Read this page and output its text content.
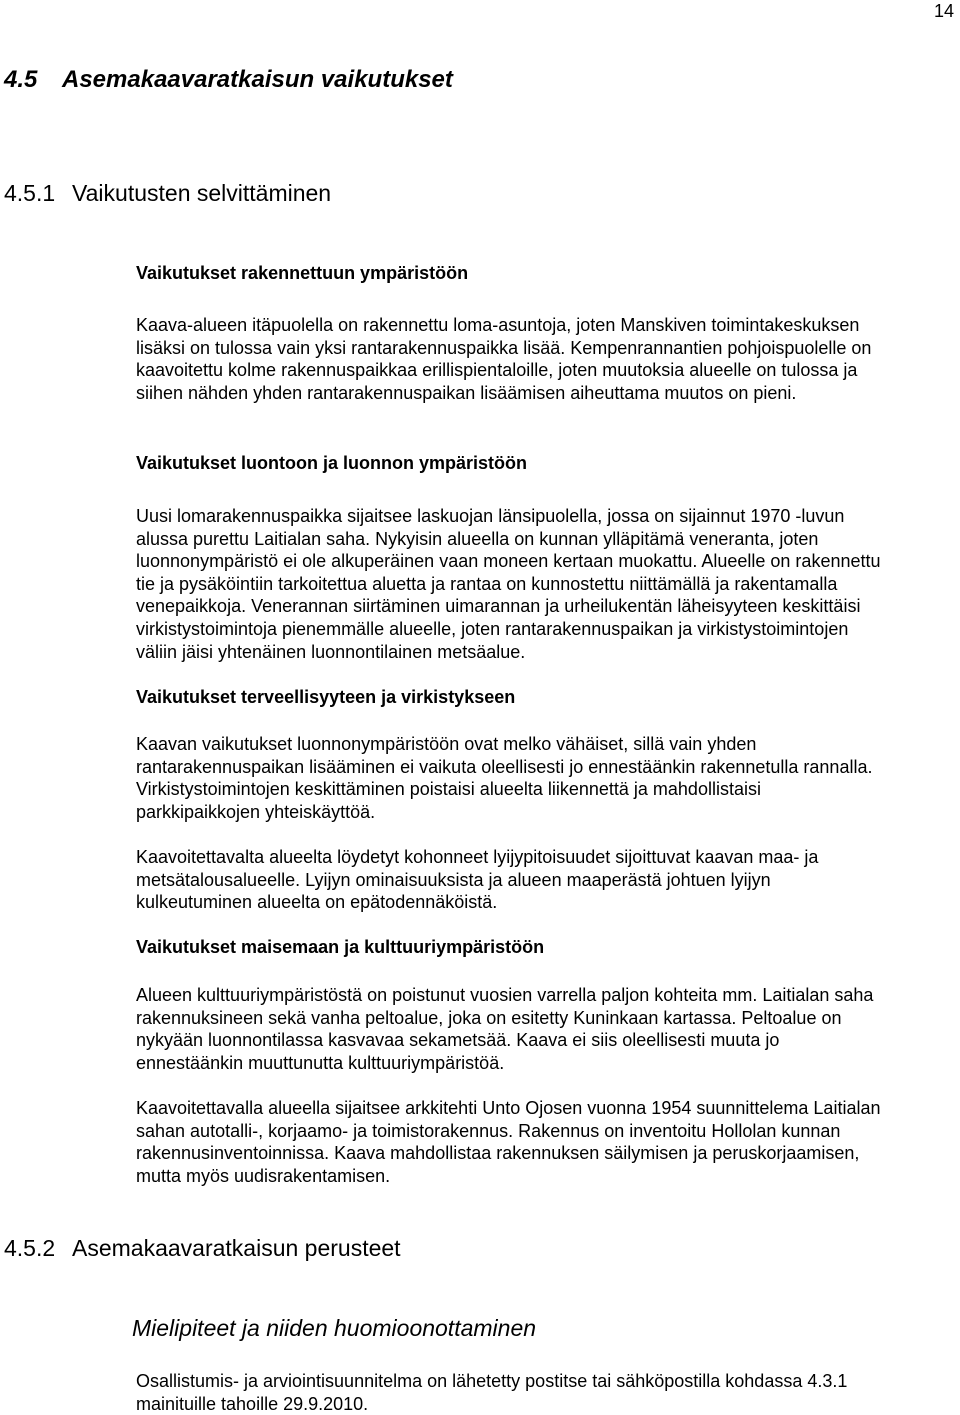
14
4.5 Asemakaavaratkaisun vaikutukset
4.5.1 Vaikutusten selvittäminen
Vaikutukset rakennettuun ympäristöön

Kaava-alueen itäpuolella on rakennettu loma-asuntoja, joten Manskiven toimintakeskuksen
lisäksi on tulossa vain yksi rantarakennuspaikka lisää. Kempenrannantien pohjoispuolelle on
kaavoitettu kolme rakennuspaikkaa erillispientaloille, joten muutoksia alueelle on tulossa ja
siihen nähden yhden rantarakennuspaikan lisäämisen aiheuttama muutos on pieni.

Vaikutukset luontoon ja luonnon ympäristöön

Uusi lomarakennuspaikka sijaitsee laskuojan länsipuolella, jossa on sijainnut 1970 -luvun
alussa purettu Laitialan saha. Nykyisin alueella on kunnan ylläpitämä veneranta, joten
luonnonympäristö ei ole alkuperäinen vaan moneen kertaan muokattu. Alueelle on rakennettu
tie ja pysäköintiin tarkoitettua aluetta ja rantaa on kunnostettu niittämällä ja rakentamalla
venepaikkoja. Venerannan siirtäminen uimarannan ja urheilukentän läheisyyteen keskittäisi
virkistystoimintoja pienemmälle alueelle, joten rantarakennuspaikan ja virkistystoimintojen
väliin jäisi yhtenäinen luonnontilainen metsäalue.

Vaikutukset terveellisyyteen ja virkistykseen

Kaavan vaikutukset luonnonympäristöön ovat melko vähäiset, sillä vain yhden
rantarakennuspaikan lisääminen ei vaikuta oleellisesti jo ennestäänkin rakennetulla rannalla.
Virkistystoimintojen keskittäminen poistaisi alueelta liikennettä ja mahdollistaisi
parkkipaikkojen yhteiskäyttöä.

Kaavoitettavalta alueelta löydetyt kohonneet lyijypitoisuudet sijoittuvat kaavan maa- ja
metsätalousalueelle. Lyijyn ominaisuuksista ja alueen maaperästä johtuen lyijyn
kulkeutuminen alueelta on epätodennäköistä.

Vaikutukset maisemaan ja kulttuuriympäristöön

Alueen kulttuuriympäristöstä on poistunut vuosien varrella paljon kohteita mm. Laitialan saha
rakennuksineen sekä vanha peltoalue, joka on esitetty Kuninkaan kartassa. Peltoalue on
nykyään luonnontilassa kasvavaa sekametsää. Kaava ei siis oleellisesti muuta jo
ennestäänkin muuttunutta kulttuuriympäristöä.

Kaavoitettavalla alueella sijaitsee arkkitehti Unto Ojosen vuonna 1954 suunnittelema Laitialan
sahan autotalli-, korjaamo- ja toimistorakennus. Rakennus on inventoitu Hollolan kunnan
rakennusinventoinnissa. Kaava mahdollistaa rakennuksen säilymisen ja peruskorjaamisen,
mutta myös uudisrakentamisen.

4.5.2 Asemakaavaratkaisun perusteet
Mielipiteet ja niiden huomioonottaminen

Osallistumis- ja arviointisuunnitelma on lähetetty postitse tai sähköpostilla kohdassa 4.3.1
mainituille tahoille 29.9.2010.
